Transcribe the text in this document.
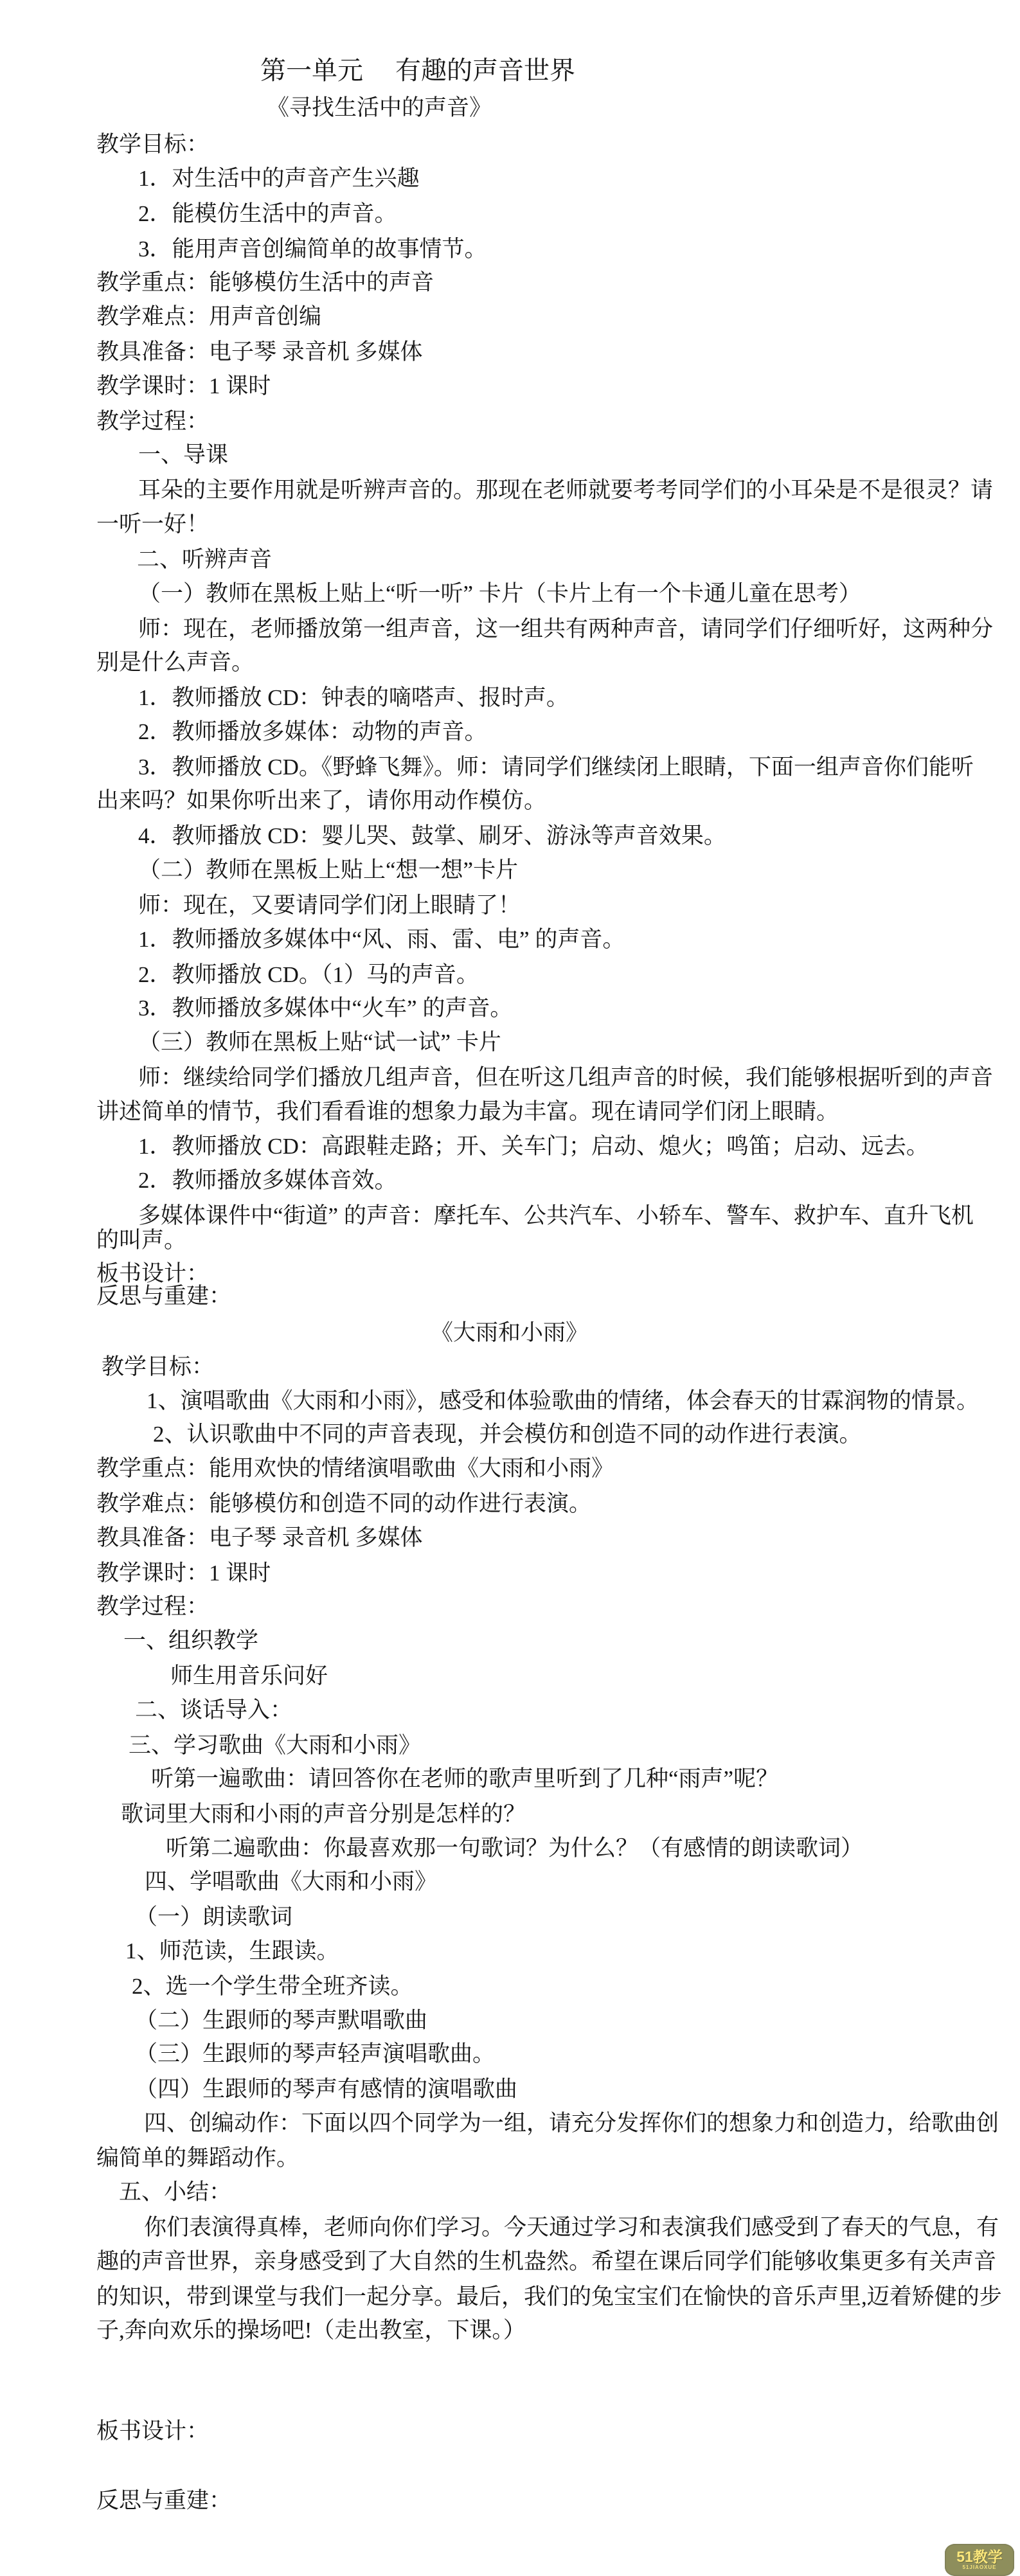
第一单元　 有趣的声音世界
《寻找生活中的声音》
教学目标：
1．对生活中的声音产生兴趣
2．能模仿生活中的声音。
3．能用声音创编简单的故事情节。
教学重点：能够模仿生活中的声音
教学难点：用声音创编
教具准备：电子琴 录音机 多媒体
教学课时：1 课时
教学过程：
一、导课
耳朵的主要作用就是听辨声音的。那现在老师就要考考同学们的小耳朵是不是很灵？请
一听一好！
二、听辨声音
（一）教师在黑板上贴上“听一听” 卡片（卡片上有一个卡通儿童在思考）
师：现在，老师播放第一组声音，这一组共有两种声音，请同学们仔细听好，这两种分
别是什么声音。
1．教师播放 CD：钟表的嘀嗒声、报时声。
2．教师播放多媒体：动物的声音。
3．教师播放 CD。《野蜂飞舞》。师：请同学们继续闭上眼睛，下面一组声音你们能听
出来吗？如果你听出来了，请你用动作模仿。
4．教师播放 CD：婴儿哭、鼓掌、刷牙、游泳等声音效果。
（二）教师在黑板上贴上“想一想”卡片
师：现在，又要请同学们闭上眼睛了！
1．教师播放多媒体中“风、雨、雷、电” 的声音。
2．教师播放 CD。（1）马的声音。
3．教师播放多媒体中“火车” 的声音。
（三）教师在黑板上贴“试一试” 卡片
师：继续给同学们播放几组声音，但在听这几组声音的时候，我们能够根据听到的声音
讲述简单的情节，我们看看谁的想象力最为丰富。现在请同学们闭上眼睛。
1．教师播放 CD：高跟鞋走路；开、关车门；启动、熄火；鸣笛；启动、远去。
2．教师播放多媒体音效。
多媒体课件中“街道” 的声音：摩托车、公共汽车、小轿车、警车、救护车、直升飞机
的叫声。
板书设计：
反思与重建：
《大雨和小雨》
教学目标：
1、演唱歌曲《大雨和小雨》，感受和体验歌曲的情绪，体会春天的甘霖润物的情景。
2、认识歌曲中不同的声音表现，并会模仿和创造不同的动作进行表演。
教学重点：能用欢快的情绪演唱歌曲《大雨和小雨》
教学难点：能够模仿和创造不同的动作进行表演。
教具准备：电子琴 录音机 多媒体
教学课时：1 课时
教学过程：
一、组织教学
师生用音乐问好
二、谈话导入：
三、学习歌曲《大雨和小雨》
听第一遍歌曲：请回答你在老师的歌声里听到了几种“雨声”呢？
歌词里大雨和小雨的声音分别是怎样的？
听第二遍歌曲：你最喜欢那一句歌词？为什么？（有感情的朗读歌词）
四、学唱歌曲《大雨和小雨》
（一）朗读歌词
1、师范读，生跟读。
2、选一个学生带全班齐读。
（二）生跟师的琴声默唱歌曲
（三）生跟师的琴声轻声演唱歌曲。
（四）生跟师的琴声有感情的演唱歌曲
四、创编动作：下面以四个同学为一组，请充分发挥你们的想象力和创造力，给歌曲创
编简单的舞蹈动作。
五、小结：
你们表演得真棒，老师向你们学习。今天通过学习和表演我们感受到了春天的气息，有
趣的声音世界，亲身感受到了大自然的生机盎然。希望在课后同学们能够收集更多有关声音
的知识，带到课堂与我们一起分享。最后，我们的兔宝宝们在愉快的音乐声里,迈着矫健的步
子,奔向欢乐的操场吧!（走出教室，下课。）
板书设计：
反思与重建：
51教学
51JIAOXUE
